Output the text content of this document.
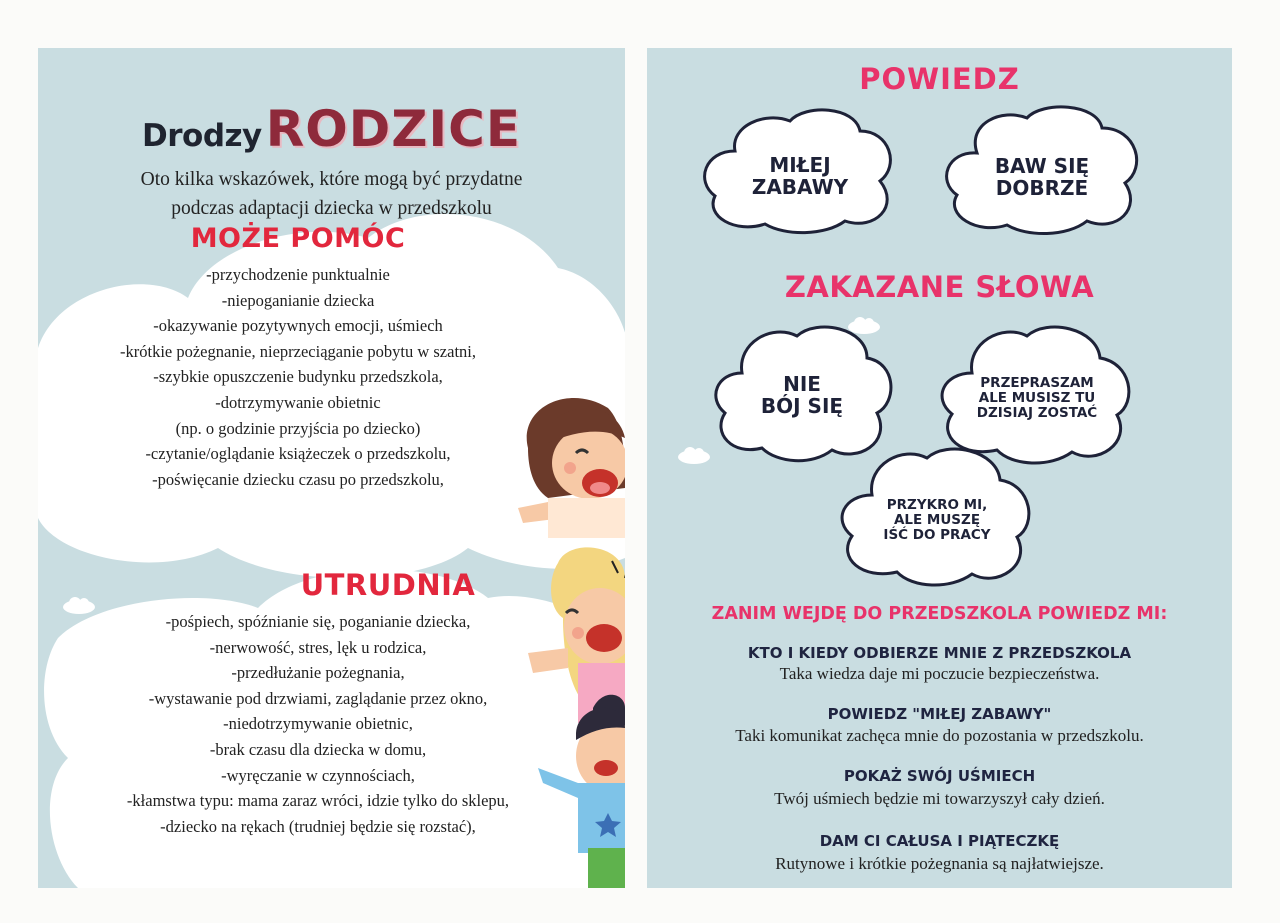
Drodzy RODZICE
Oto kilka wskazówek, które mogą być przydatne
podczas adaptacji dziecka w przedszkolu
MOŻE POMÓC
-przychodzenie punktualnie
-niepoganianie dziecka
-okazywanie pozytywnych emocji, uśmiech
-krótkie pożegnanie, nieprzeciąganie pobytu w szatni,
-szybkie opuszczenie budynku przedszkola,
-dotrzymywanie obietnic
(np. o godzinie przyjścia po dziecko)
-czytanie/oglądanie książeczek o przedszkolu,
-poświęcanie dziecku czasu po przedszkolu,
UTRUDNIA
-pośpiech, spóźnianie się, poganianie dziecka,
-nerwowość, stres, lęk u rodzica,
-przedłużanie pożegnania,
-wystawanie pod drzwiami, zaglądanie przez okno,
-niedotrzymywanie obietnic,
-brak czasu dla dziecka w domu,
-wyręczanie w czynnościach,
-kłamstwa typu: mama zaraz wróci, idzie tylko do sklepu,
-dziecko na rękach (trudniej będzie się rozstać),
POWIEDZ
MIŁEJ
ZABAWY
BAW SIĘ
DOBRZE
ZAKAZANE SŁOWA
NIE
BÓJ SIĘ
PRZEPRASZAM
ALE MUSISZ TU
DZISIAJ ZOSTAĆ
PRZYKRO MI,
ALE MUSZĘ
IŚĆ DO PRACY
ZANIM WEJDĘ DO PRZEDSZKOLA POWIEDZ MI:
KTO I KIEDY ODBIERZE MNIE Z PRZEDSZKOLA
Taka wiedza daje mi poczucie bezpieczeństwa.
POWIEDZ "MIŁEJ ZABAWY"
Taki komunikat zachęca mnie do pozostania w przedszkolu.
POKAŻ SWÓJ UŚMIECH
Twój uśmiech będzie mi towarzyszył cały dzień.
DAM CI CAŁUSA I PIĄTECZKĘ
Rutynowe i krótkie pożegnania są najłatwiejsze.
